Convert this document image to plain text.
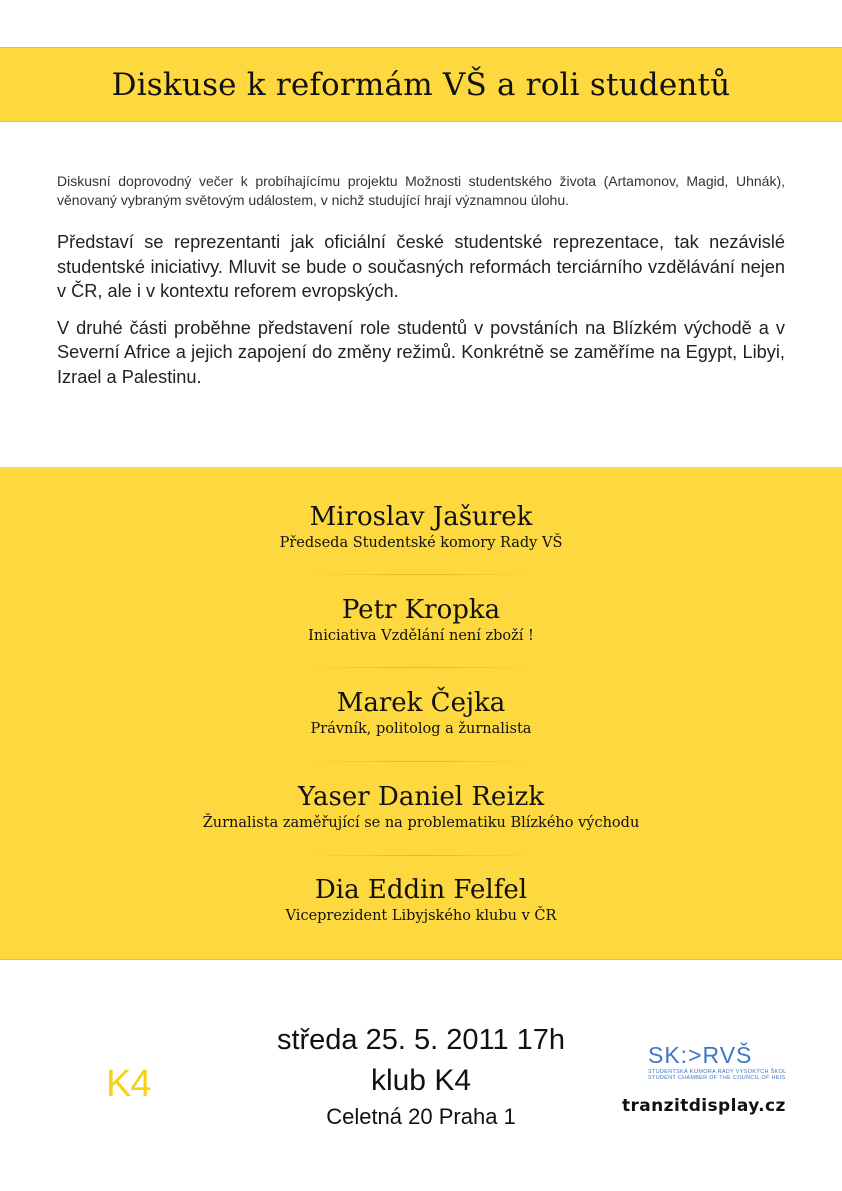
Diskuse k reformám VŠ a roli studentů

Diskusní doprovodný večer k probíhajícímu projektu Možnosti studentského života (Artamonov, Magid, Uhnák), věnovaný vybraným světovým událostem, v nichž studující hrají významnou úlohu.

Představí se reprezentanti jak oficiální české studentské reprezentace, tak nezávislé studentské iniciativy. Mluvit se bude o současných reformách terciárního vzdělávání nejen v ČR, ale i v kontextu reforem evropských.

V druhé části proběhne představení role studentů v povstáních na Blízkém východě a v Severní Africe a jejich zapojení do změny režimů. Konkrétně se zaměříme na Egypt, Libyi, Izrael a Palestinu.

Miroslav Jašurek
Předseda Studentské komory Rady VŠ
Petr Kropka
Iniciativa Vzdělání není zboží !
Marek Čejka
Právník, politolog a žurnalista
Yaser Daniel Reizk
Žurnalista zaměřující se na problematiku Blízkého východu
Dia Eddin Felfel
Viceprezident Libyjského klubu v ČR
středa 25. 5. 2011 17h
klub K4
Celetná 20 Praha 1
K4
SK:>RVŠ
STUDENTSKÁ KOMORA RADY VYSOKÝCH ŠKOL
STUDENT CHAMBER OF THE COUNCIL OF HEIS
tranzitdisplay.cz
